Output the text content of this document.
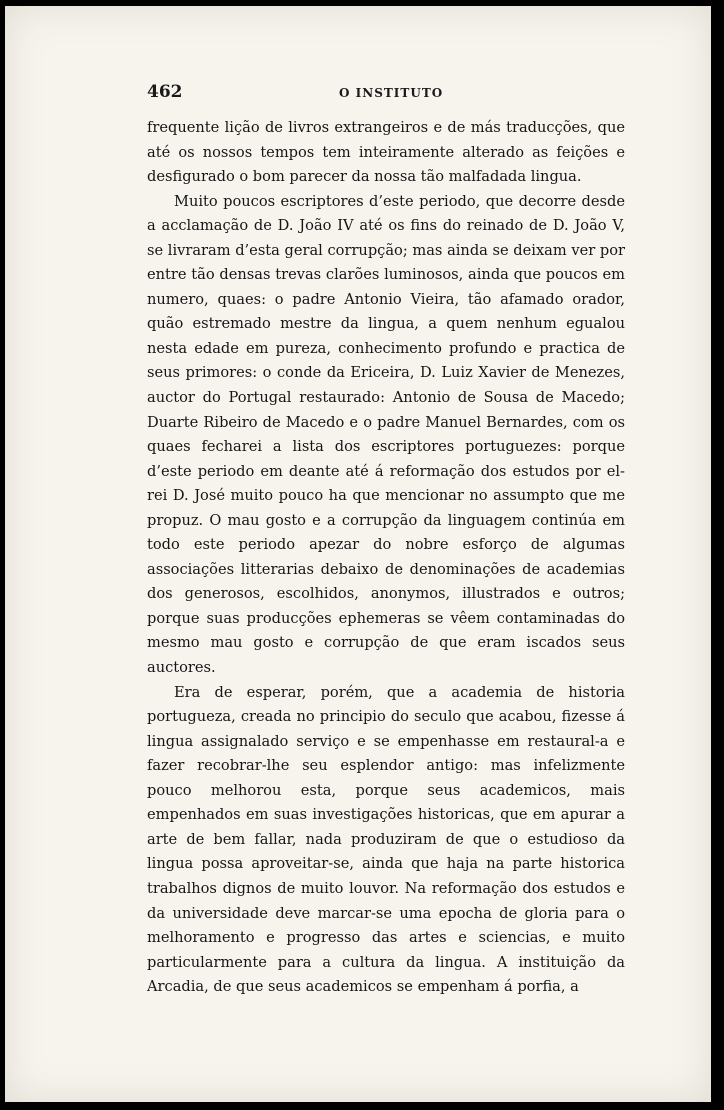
462	O INSTITUTO

frequente lição de livros extrangeiros e de más traducções, que até os nossos tempos tem inteiramente alterado as feições e desfigurado o bom parecer da nossa tão malfadada lingua.

Muito poucos escriptores d’este periodo, que decorre desde a acclamação de D. João IV até os fins do reinado de D. João V, se livraram d’esta geral corrupção; mas ainda se deixam ver por entre tão densas trevas clarões luminosos, ainda que poucos em numero, quaes: o padre Antonio Vieira, tão afamado orador, quão estremado mestre da lingua, a quem nenhum egualou nesta edade em pureza, conhecimento profundo e practica de seus primores: o conde da Ericeira, D. Luiz Xavier de Menezes, auctor do Portugal restaurado: Antonio de Sousa de Macedo; Duarte Ribeiro de Macedo e o padre Manuel Bernardes, com os quaes fecharei a lista dos escriptores portuguezes: porque d’este periodo em deante até á reformação dos estudos por el-rei D. José muito pouco ha que mencionar no assumpto que me propuz. O mau gosto e a corrupção da linguagem continúa em todo este periodo apezar do nobre esforço de algumas associações litterarias debaixo de denominações de academias dos generosos, escolhidos, anonymos, illustrados e outros; porque suas producções ephemeras se vêem contaminadas do mesmo mau gosto e corrupção de que eram iscados seus auctores.

Era de esperar, porém, que a academia de historia portugueza, creada no principio do seculo que acabou, fizesse á lingua assignalado serviço e se empenhasse em restaural-a e fazer recobrar-lhe seu esplendor antigo: mas infelizmente pouco melhorou esta, porque seus academicos, mais empenhados em suas investigações historicas, que em apurar a arte de bem fallar, nada produziram de que o estudioso da lingua possa aproveitar-se, ainda que haja na parte historica trabalhos dignos de muito louvor. Na reformação dos estudos e da universidade deve marcar-se uma epocha de gloria para o melhoramento e progresso das artes e sciencias, e muito particularmente para a cultura da lingua. A instituição da Arcadia, de que seus academicos se empenham á porfia, a
